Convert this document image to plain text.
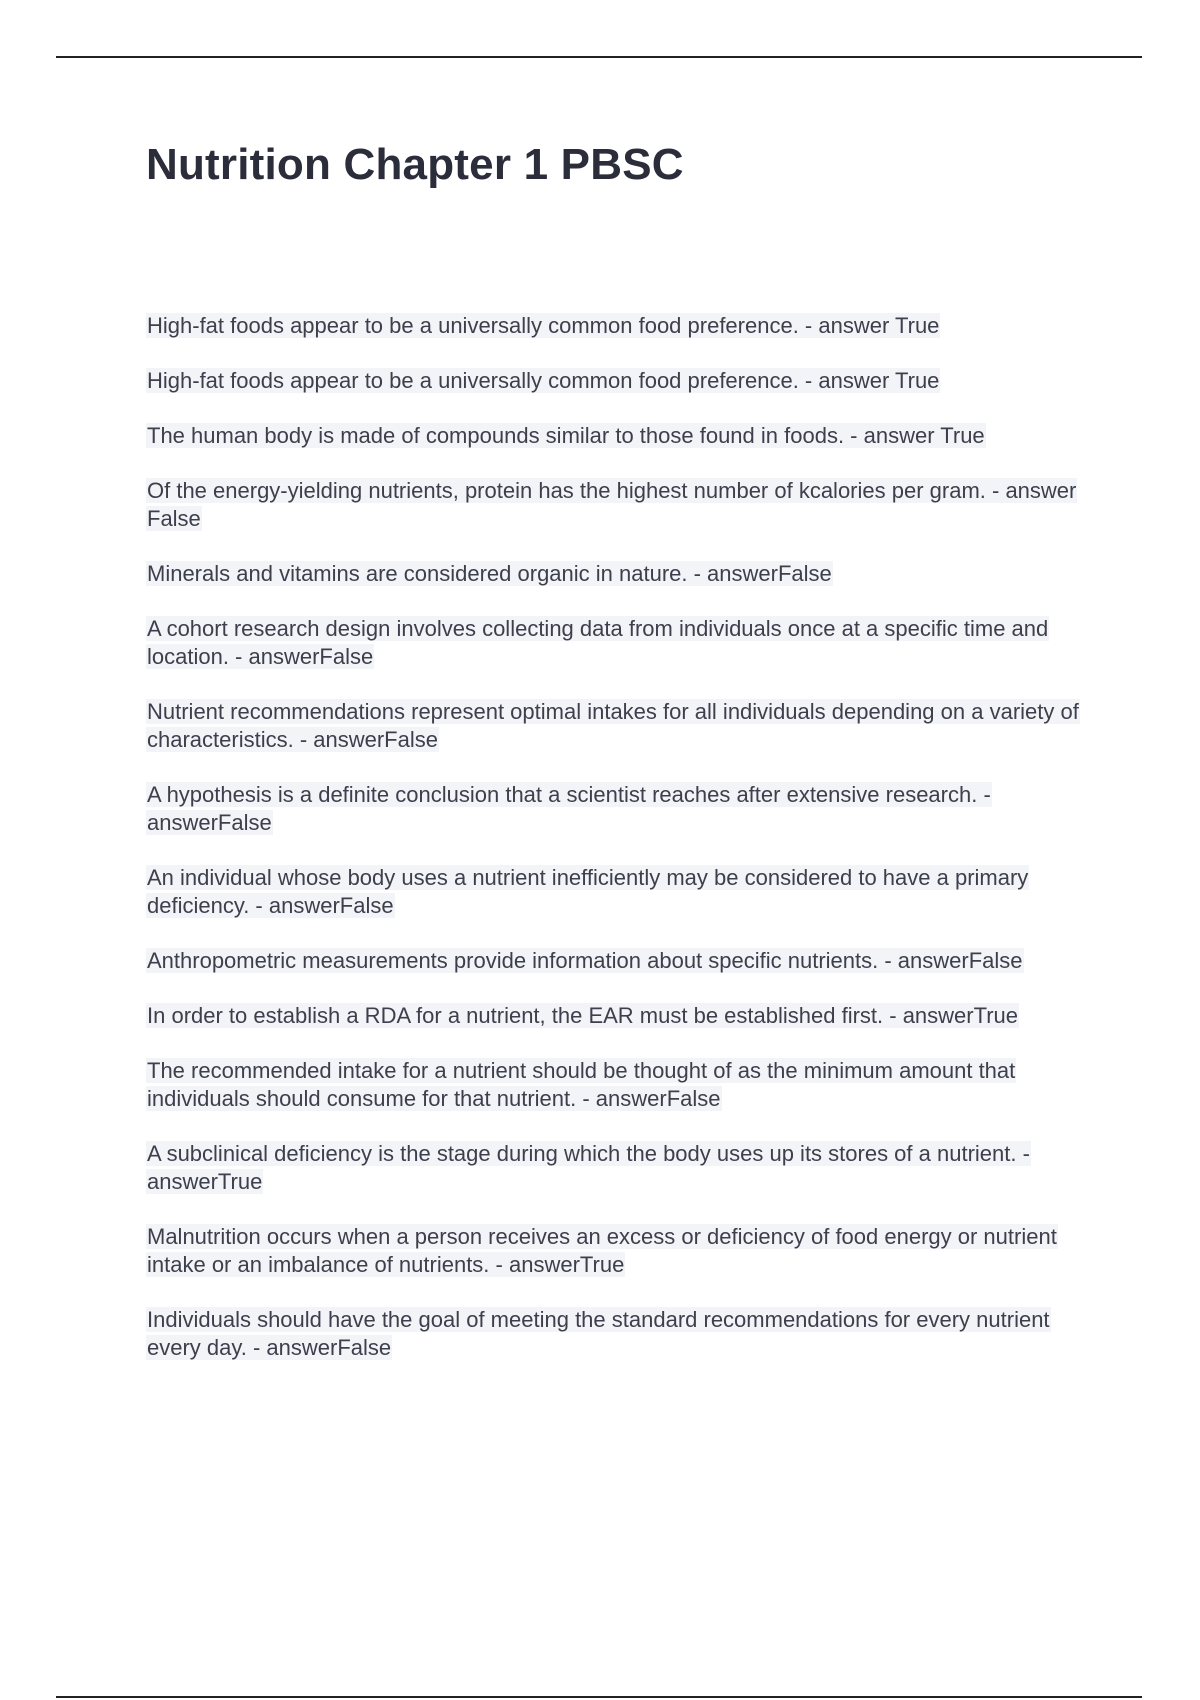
Nutrition Chapter 1 PBSC
High-fat foods appear to be a universally common food preference. - answer True
High-fat foods appear to be a universally common food preference. - answer True
The human body is made of compounds similar to those found in foods. - answer True
Of the energy-yielding nutrients, protein has the highest number of kcalories per gram. - answer False
Minerals and vitamins are considered organic in nature. - answerFalse
A cohort research design involves collecting data from individuals once at a specific time and location. - answerFalse
Nutrient recommendations represent optimal intakes for all individuals depending on a variety of characteristics. - answerFalse
A hypothesis is a definite conclusion that a scientist reaches after extensive research. - answerFalse
An individual whose body uses a nutrient inefficiently may be considered to have a primary deficiency. - answerFalse
Anthropometric measurements provide information about specific nutrients. - answerFalse
In order to establish a RDA for a nutrient, the EAR must be established first. - answerTrue
The recommended intake for a nutrient should be thought of as the minimum amount that individuals should consume for that nutrient. - answerFalse
A subclinical deficiency is the stage during which the body uses up its stores of a nutrient. - answerTrue
Malnutrition occurs when a person receives an excess or deficiency of food energy or nutrient intake or an imbalance of nutrients. - answerTrue
Individuals should have the goal of meeting the standard recommendations for every nutrient every day. - answerFalse
